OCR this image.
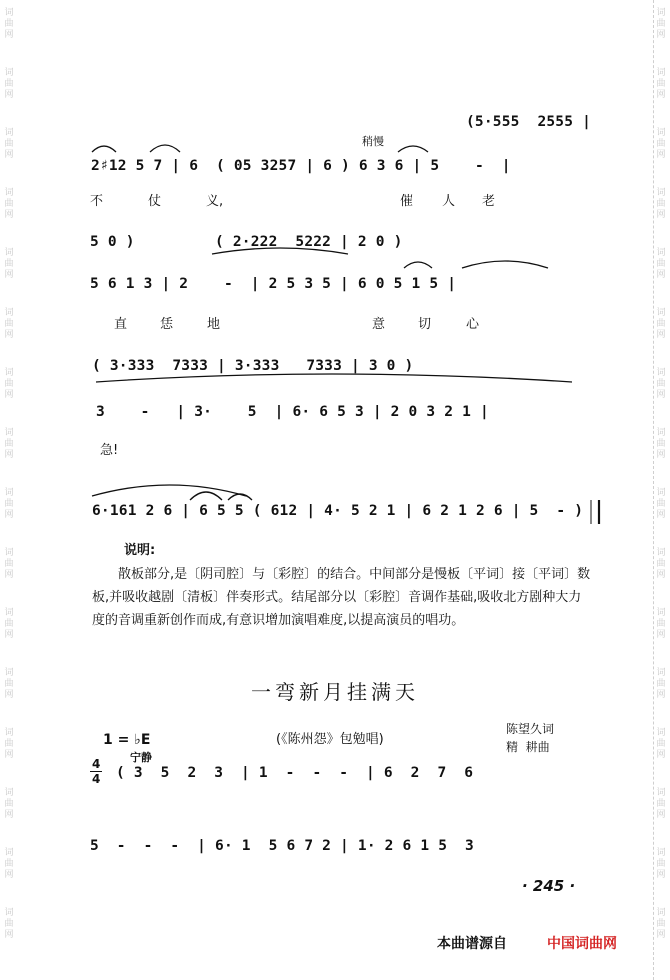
词
曲
网
词
曲
网
词
曲
网
词
曲
网
词
曲
网
词
曲
网
词
曲
网
词
曲
网
词
曲
网
词
曲
网
词
曲
网
词
曲
网
词
曲
网
词
曲
网
词
曲
网
词
曲
网
词
曲
网
词
曲
网
词
曲
网
词
曲
网
词
曲
网
词
曲
网
词
曲
网
词
曲
网
词
曲
网
词
曲
网
词
曲
网
词
曲
网
词
曲
网
词
曲
网
词
曲
网
词
曲
网
稍慢
(5·555  2555 |
2♯12 5 7 | 6  ( 05 3257 | 6 ) 6 3 6 | 5    -  |
不	仗	义,	催 人 老
5 0 )         ( 2·222  5222 | 2 0 )
5 6 1 3 | 2    -  | 2 5 3 5 | 6 0 5 1 5 |
直	恁	地	意	切	心
( 3·333  7333 | 3·333   7333 | 3 0 )
3    -   | 3·    5  | 6· 6 5 3 | 2 0 3 2 1 |
急!
6·161 2 6 | 6 5 5 ( 612 | 4· 5 2 1 | 6 2 1 2 6 | 5  - )
说明:
散板部分,是〔阴司腔〕与〔彩腔〕的结合。中间部分是慢板〔平词〕接〔平词〕数板,并吸收越剧〔清板〕伴奏形式。结尾部分以〔彩腔〕音调作基础,吸收北方剧种大力度的音调重新创作而成,有意识增加演唱难度,以提高演员的唱功。
一弯新月挂满天
1 = ♭E
宁静
(《陈州怨》包勉唱)
陈望久词
精  耕曲
4
4 ( 3  5  2  3  | 1  -  -  -  | 6  2  7  6
5  -  -  -  | 6· 1  5 6 7 2 | 1· 2 6 1 5  3
· 245 ·
本曲谱源自	中国词曲网
